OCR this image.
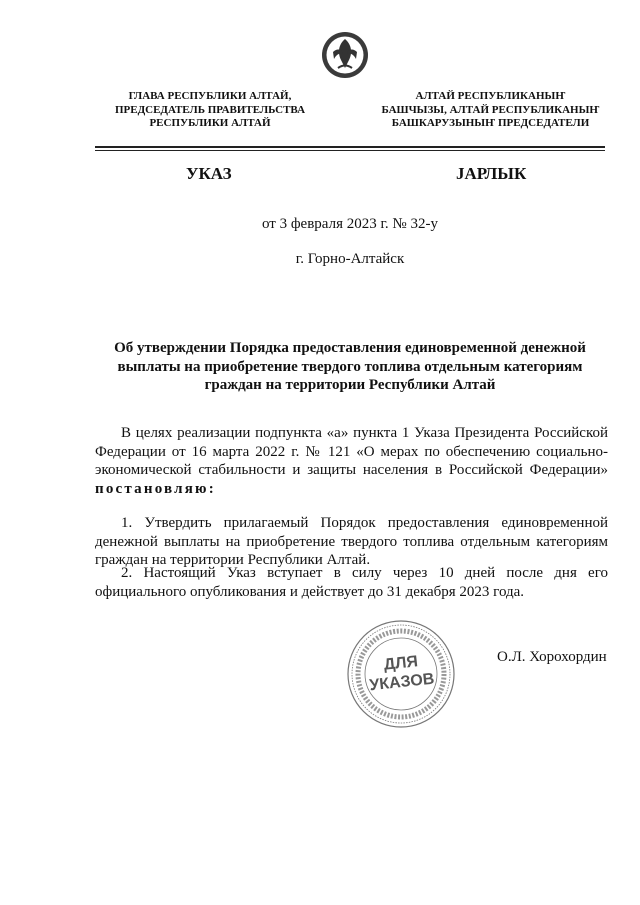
ГЛАВА РЕСПУБЛИКИ АЛТАЙ,
ПРЕДСЕДАТЕЛЬ ПРАВИТЕЛЬСТВА
РЕСПУБЛИКИ АЛТАЙ
АЛТАЙ РЕСПУБЛИКАНЫҤ
БАШЧЫЗЫ, АЛТАЙ РЕСПУБЛИКАНЫҤ
БАШКАРУЗЫНЫҤ ПРЕДСЕДАТЕЛИ
УКАЗ	ЈАРЛЫК
от 3 февраля 2023 г. № 32-у
г. Горно-Алтайск
Об утверждении Порядка предоставления единовременной денежной выплаты на приобретение твердого топлива отдельным категориям граждан на территории Республики Алтай

В целях реализации подпункта «а» пункта 1 Указа Президента Российской Федерации от 16 марта 2022 г. № 121 «О мерах по обеспечению социально-экономической стабильности и защиты населения в Российской Федерации» постановляю:

1. Утвердить прилагаемый Порядок предоставления единовременной денежной выплаты на приобретение твердого топлива отдельным категориям граждан на территории Республики Алтай.

2. Настоящий Указ вступает в силу через 10 дней после дня его официального опубликования и действует до 31 декабря 2023 года.

ДЛЯ
УКАЗОВ
О.Л. Хорохордин
